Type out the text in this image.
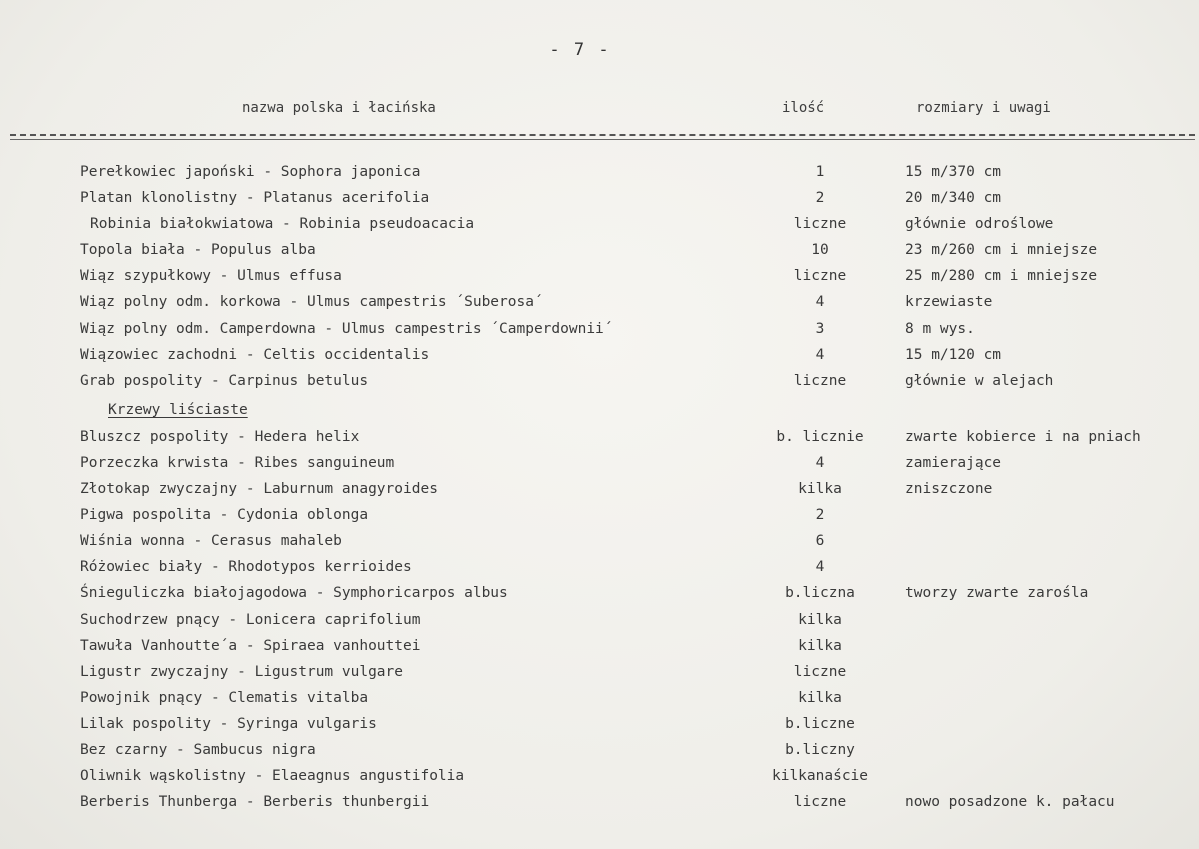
- 7 -
nazwa polska i łacińska	ilość	rozmiary i uwagi
Perełkowiec japoński - Sophora japonica	1	15 m/370 cm
Platan klonolistny - Platanus acerifolia	2	20 m/340 cm
Robinia białokwiatowa - Robinia pseudoacacia	liczne	głównie odroślowe
Topola biała - Populus alba	10	23 m/260 cm i mniejsze
Wiąz szypułkowy - Ulmus effusa	liczne	25 m/280 cm i mniejsze
Wiąz polny odm. korkowa - Ulmus campestris ´Suberosa´	4	krzewiaste
Wiąz polny odm. Camperdowna - Ulmus campestris ´Camperdownii´	3	8 m wys.
Wiązowiec zachodni - Celtis occidentalis	4	15 m/120 cm
Grab pospolity - Carpinus betulus	liczne	głównie w alejach
Krzewy liściaste
Bluszcz pospolity - Hedera helix	b. licznie	zwarte kobierce i na pniach
Porzeczka krwista - Ribes sanguineum	4	zamierające
Złotokap zwyczajny - Laburnum anagyroides	kilka	zniszczone
Pigwa pospolita - Cydonia oblonga	2
Wiśnia wonna - Cerasus mahaleb	6
Różowiec biały - Rhodotypos kerrioides	4
Śnieguliczka białojagodowa - Symphoricarpos albus	b.liczna	tworzy zwarte zarośla
Suchodrzew pnący - Lonicera caprifolium	kilka
Tawuła Vanhoutte´a - Spiraea vanhouttei	kilka
Ligustr zwyczajny - Ligustrum vulgare	liczne
Powojnik pnący - Clematis vitalba	kilka
Lilak pospolity - Syringa vulgaris	b.liczne
Bez czarny - Sambucus nigra	b.liczny
Oliwnik wąskolistny - Elaeagnus angustifolia	kilkanaście
Berberis Thunberga - Berberis thunbergii	liczne	nowo posadzone k. pałacu
